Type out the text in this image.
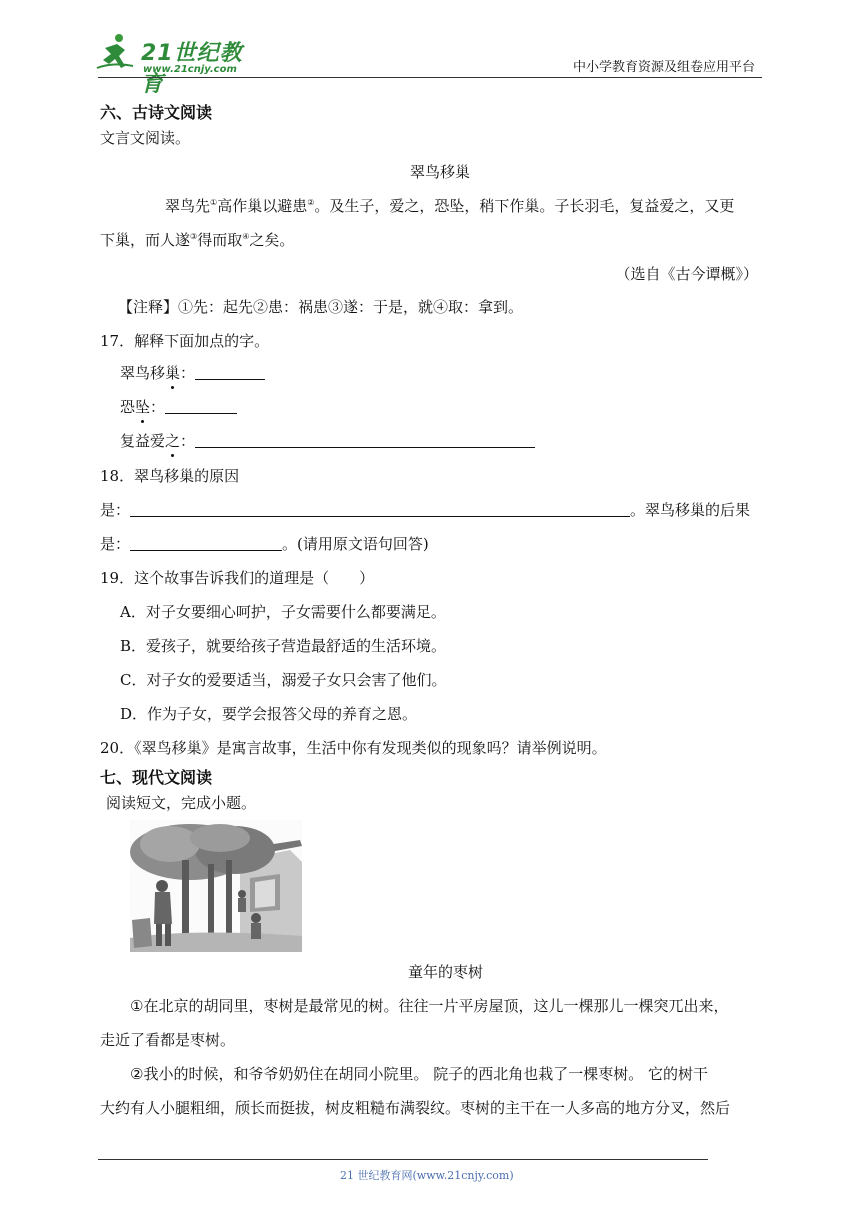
21世纪教育
www.21cnjy.com	中小学教育资源及组卷应用平台
六、古诗文阅读
文言文阅读。
翠鸟移巢
翠鸟先①高作巢以避患②。及生子，爱之，恐坠，稍下作巢。子长羽毛，复益爱之，又更
下巢，而人遂③得而取④之矣。
（选自《古今谭概》）
【注释】①先：起先②患：祸患③遂：于是，就④取：拿到。
17．解释下面加点的字。
翠鸟移巢：
恐坠：
复益爱之：
18．翠鸟移巢的原因
是：	。翠鸟移巢的后果
是：	。(请用原文语句回答)
19．这个故事告诉我们的道理是（　　）
A．对子女要细心呵护，子女需要什么都要满足。
B．爱孩子，就要给孩子营造最舒适的生活环境。
C．对子女的爱要适当，溺爱子女只会害了他们。
D．作为子女，要学会报答父母的养育之恩。
20．《翠鸟移巢》是寓言故事，生活中你有发现类似的现象吗？请举例说明。
七、现代文阅读
阅读短文，完成小题。
童年的枣树
①在北京的胡同里，枣树是最常见的树。往往一片平房屋顶，这儿一棵那儿一棵突兀出来，
走近了看都是枣树。
②我小的时候，和爷爷奶奶住在胡同小院里。 院子的西北角也栽了一棵枣树。 它的树干
大约有人小腿粗细，颀长而挺拔，树皮粗糙布满裂纹。枣树的主干在一人多高的地方分叉，然后
21 世纪教育网(www.21cnjy.com)
